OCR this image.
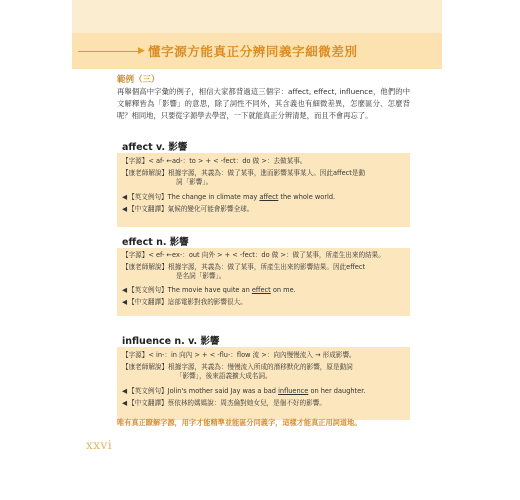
▶ 懂字源方能真正分辨同義字細微差別
範例（三）

再舉個高中字彙的例子，相信大家都背過這三個字：affect, effect, influence，他們的中文解釋皆為「影響」的意思，除了詞性不同外，其含義也有細微差異，怎麼區分、怎麼背呢？相同地，只要從字源學去學習，一下就能真正分辨清楚，而且不會再忘了。

affect v. 影響
【字源】< af- ←ad-：to > + < -fect：do 做 >：去做某事。
【康老師解說】根據字源，其義為：做了某事，進而影響某事某人。因此affect是動
詞「影響」。
◀【英文例句】The change in climate may affect the whole world.
◀【中文翻譯】氣候的變化可能會影響全球。
effect n. 影響
【字源】< ef- ←ex-：out 向外 > + < -fect：do 做 >：做了某事，所產生出來的結果。
【康老師解說】根據字源，其義為：做了某事，所產生出來的影響結果。因此effect
是名詞「影響」。
◀【英文例句】The movie have quite an effect on me.
◀【中文翻譯】這部電影對我的影響很大。
influence n. v. 影響
【字源】< in-：in 向內 > + < -flu-：flow 流 >：向內慢慢流入 → 形成影響。
【康老師解說】根據字源，其義為：慢慢流入所成的潛移默化的影響，原是動詞
「影響」，後來語義擴大成名詞。
◀【英文例句】Jolin's mother said Jay was a bad influence on her daughter.
◀【中文翻譯】蔡依林的媽媽說：周杰倫對她女兒，是個不好的影響。
唯有真正瞭解字源，用字才能精準並能區分同義字，這樣才能真正用詞道地。
xxvi
